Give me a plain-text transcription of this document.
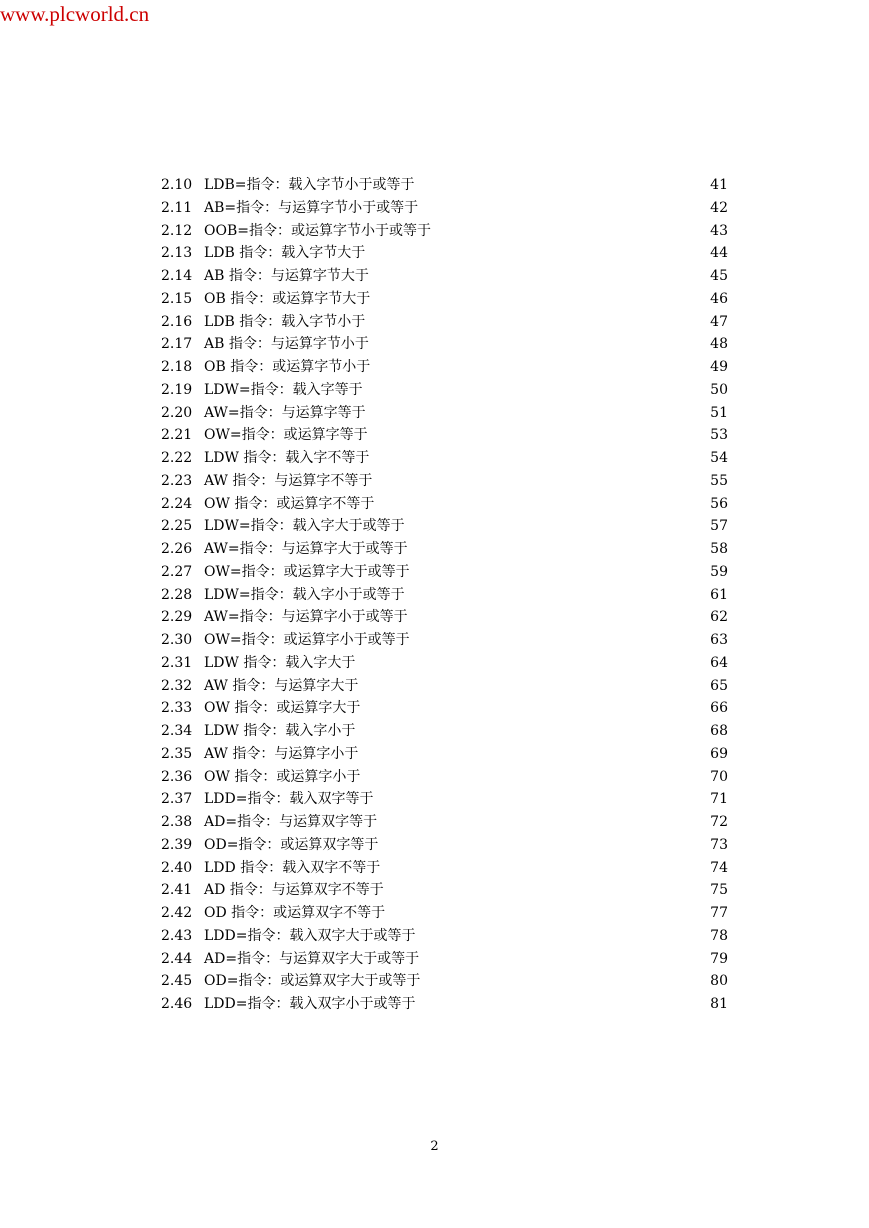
www.plcworld.cn
2.10 LDB=指令：载入字节小于或等于	41
2.11 AB=指令：与运算字节小于或等于	42
2.12 OOB=指令：或运算字节小于或等于	43
2.13 LDB 指令：载入字节大于	44
2.14 AB 指令：与运算字节大于	45
2.15 OB 指令：或运算字节大于	46
2.16 LDB 指令：载入字节小于	47
2.17 AB 指令：与运算字节小于	48
2.18 OB 指令：或运算字节小于	49
2.19 LDW=指令：载入字等于	50
2.20 AW=指令：与运算字等于	51
2.21 OW=指令：或运算字等于	53
2.22 LDW 指令：载入字不等于	54
2.23 AW 指令：与运算字不等于	55
2.24 OW 指令：或运算字不等于	56
2.25 LDW=指令：载入字大于或等于	57
2.26 AW=指令：与运算字大于或等于	58
2.27 OW=指令：或运算字大于或等于	59
2.28 LDW=指令：载入字小于或等于	61
2.29 AW=指令：与运算字小于或等于	62
2.30 OW=指令：或运算字小于或等于	63
2.31 LDW 指令：载入字大于	64
2.32 AW 指令：与运算字大于	65
2.33 OW 指令：或运算字大于	66
2.34 LDW 指令：载入字小于	68
2.35 AW 指令：与运算字小于	69
2.36 OW 指令：或运算字小于	70
2.37 LDD=指令：载入双字等于	71
2.38 AD=指令：与运算双字等于	72
2.39 OD=指令：或运算双字等于	73
2.40 LDD 指令：载入双字不等于	74
2.41 AD 指令：与运算双字不等于	75
2.42 OD 指令：或运算双字不等于	77
2.43 LDD=指令：载入双字大于或等于	78
2.44 AD=指令：与运算双字大于或等于	79
2.45 OD=指令：或运算双字大于或等于	80
2.46 LDD=指令：载入双字小于或等于	81
2
